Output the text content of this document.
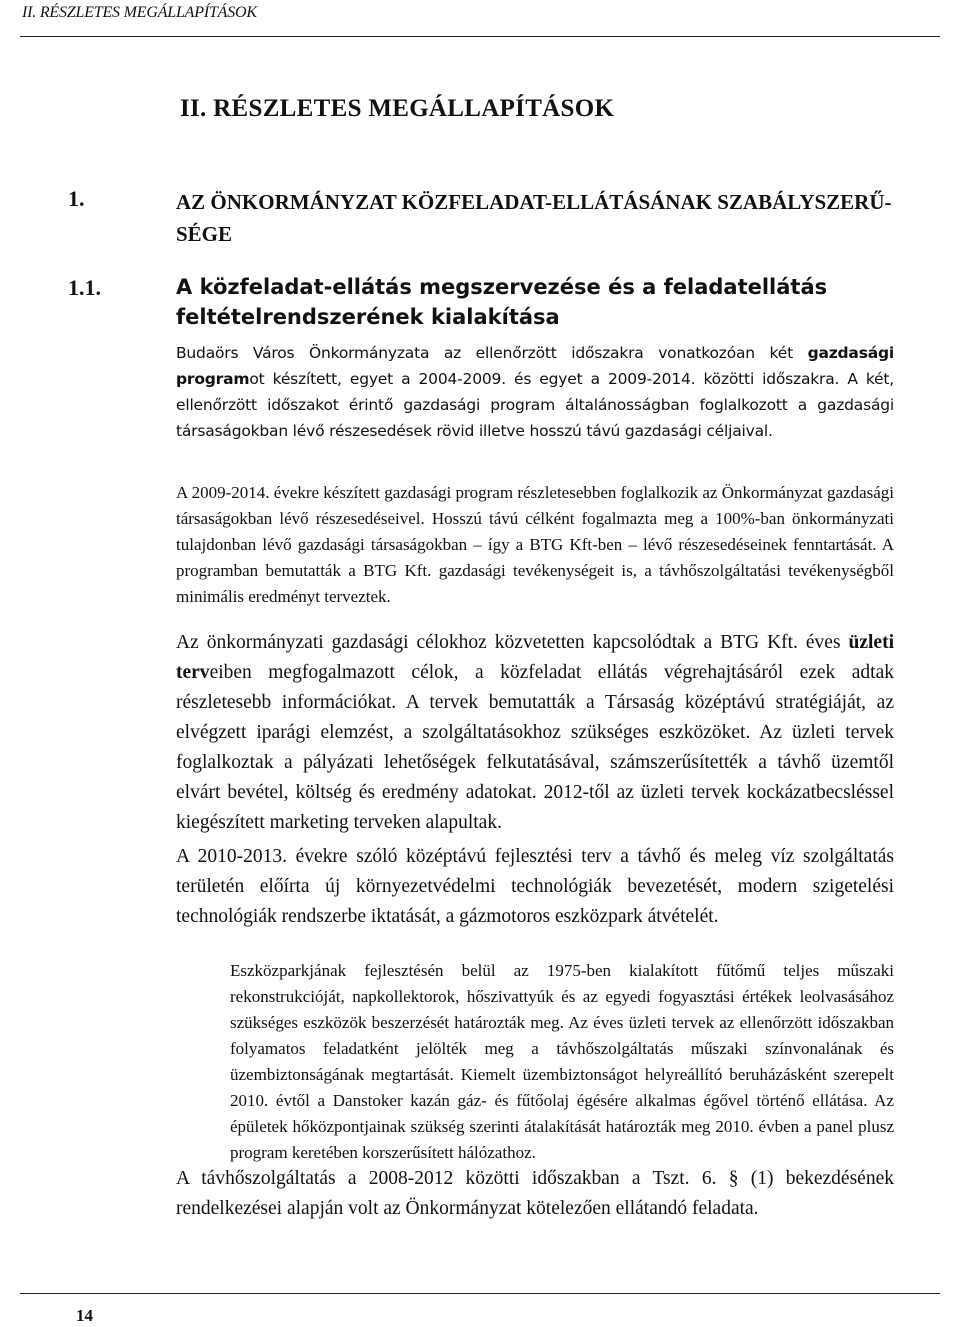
II. RÉSZLETES MEGÁLLAPÍTÁSOK
II. RÉSZLETES MEGÁLLAPÍTÁSOK
1.	AZ ÖNKORMÁNYZAT KÖZFELADAT-ELLÁTÁSÁNAK SZABÁLYSZERŰ-SÉGE
1.1.	A közfeladat-ellátás megszervezése és a feladatellátás feltételrendszerének kialakítása

Budaörs Város Önkormányzata az ellenőrzött időszakra vonatkozóan két gazdasági programot készített, egyet a 2004-2009. és egyet a 2009-2014. közötti időszakra. A két, ellenőrzött időszakot érintő gazdasági program általánosságban foglalkozott a gazdasági társaságokban lévő részesedések rövid illetve hosszú távú gazdasági céljaival.

A 2009-2014. évekre készített gazdasági program részletesebben foglalkozik az Önkormányzat gazdasági társaságokban lévő részesedéseivel. Hosszú távú célként fogalmazta meg a 100%-ban önkormányzati tulajdonban lévő gazdasági társaságokban – így a BTG Kft-ben – lévő részesedéseinek fenntartását. A programban bemutatták a BTG Kft. gazdasági tevékenységeit is, a távhőszolgáltatási tevékenységből minimális eredményt terveztek.

Az önkormányzati gazdasági célokhoz közvetetten kapcsolódtak a BTG Kft. éves üzleti terveiben megfogalmazott célok, a közfeladat ellátás végrehajtásáról ezek adtak részletesebb információkat. A tervek bemutatták a Társaság középtávú stratégiáját, az elvégzett iparági elemzést, a szolgáltatásokhoz szükséges eszközöket. Az üzleti tervek foglalkoztak a pályázati lehetőségek felkutatásával, számszerűsítették a távhő üzemtől elvárt bevétel, költség és eredmény adatokat. 2012-től az üzleti tervek kockázatbecsléssel kiegészített marketing terveken alapultak.

A 2010-2013. évekre szóló középtávú fejlesztési terv a távhő és meleg víz szolgáltatás területén előírta új környezetvédelmi technológiák bevezetését, modern szigetelési technológiák rendszerbe iktatását, a gázmotoros eszközpark átvételét.

Eszközparkjának fejlesztésén belül az 1975-ben kialakított fűtőmű teljes műszaki rekonstrukcióját, napkollektorok, hőszivattyúk és az egyedi fogyasztási értékek leolvasásához szükséges eszközök beszerzését határozták meg. Az éves üzleti tervek az ellenőrzött időszakban folyamatos feladatként jelölték meg a távhőszolgáltatás műszaki színvonalának és üzembiztonságának megtartását. Kiemelt üzembiztonságot helyreállító beruházásként szerepelt 2010. évtől a Danstoker kazán gáz- és fűtőolaj égésére alkalmas égővel történő ellátása. Az épületek hőközpontjainak szükség szerinti átalakítását határozták meg 2010. évben a panel plusz program keretében korszerűsített hálózathoz.

A távhőszolgáltatás a 2008-2012 közötti időszakban a Tszt. 6. § (1) bekezdésének rendelkezései alapján volt az Önkormányzat kötelezően ellátandó feladata.

14
